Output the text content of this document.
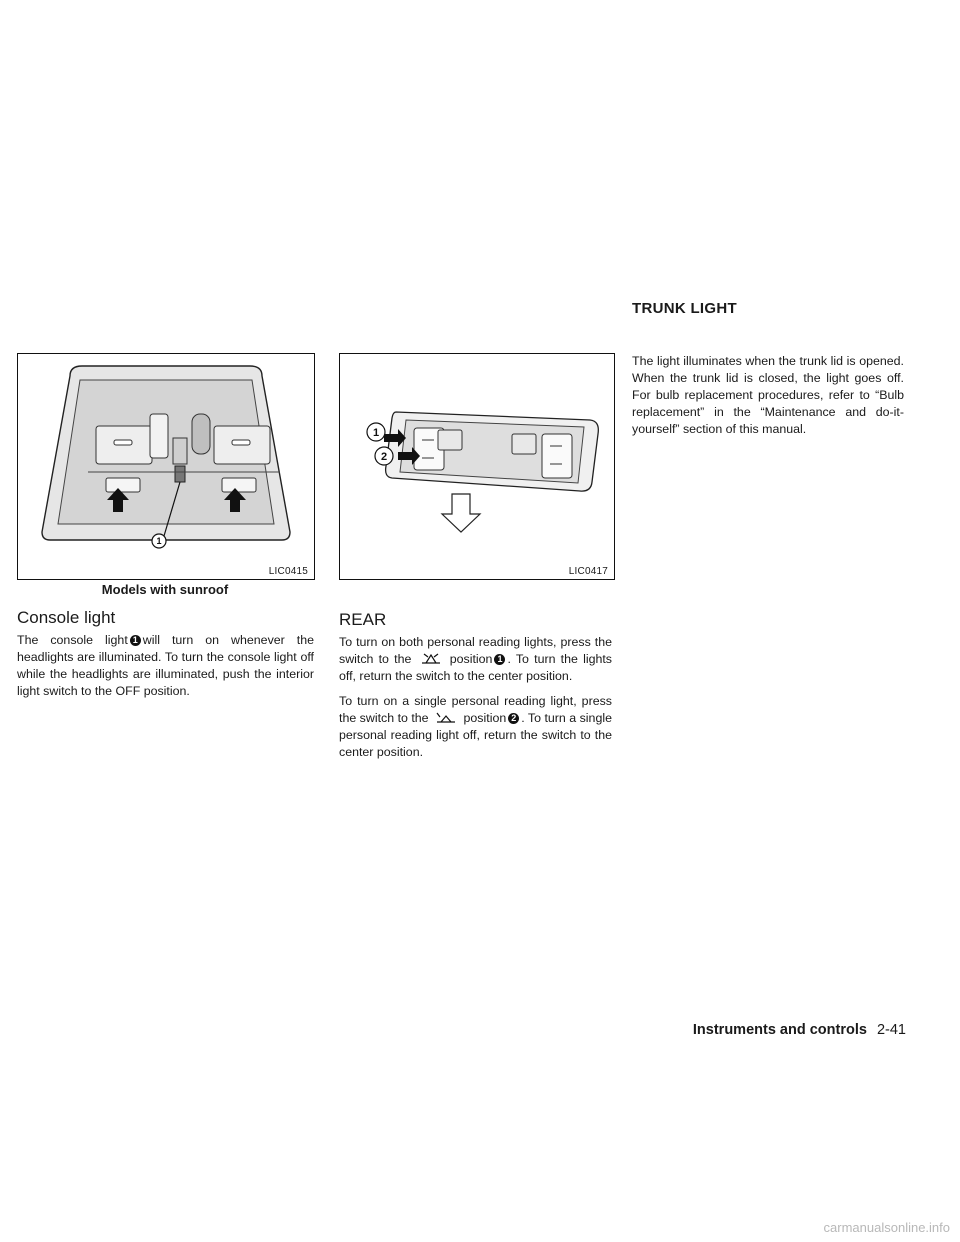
1
LIC0415
Models with sunroof
1
2
LIC0417
Console light

The console light 1 will turn on whenever the headlights are illuminated. To turn the console light off while the headlights are illuminated, push the interior light switch to the OFF position.

REAR

To turn on both personal reading lights, press the switch to the	position 1 . To turn the lights off, return the switch to the center position.

To turn on a single personal reading light, press the switch to the	position 2 . To turn a single personal reading light off, return the switch to the center position.

TRUNK LIGHT

The light illuminates when the trunk lid is opened. When the trunk lid is closed, the light goes off. For bulb replacement procedures, refer to “Bulb replacement” in the “Maintenance and do-it-yourself” section of this manual.

Instruments and controls 2-41
carmanualsonline.info
